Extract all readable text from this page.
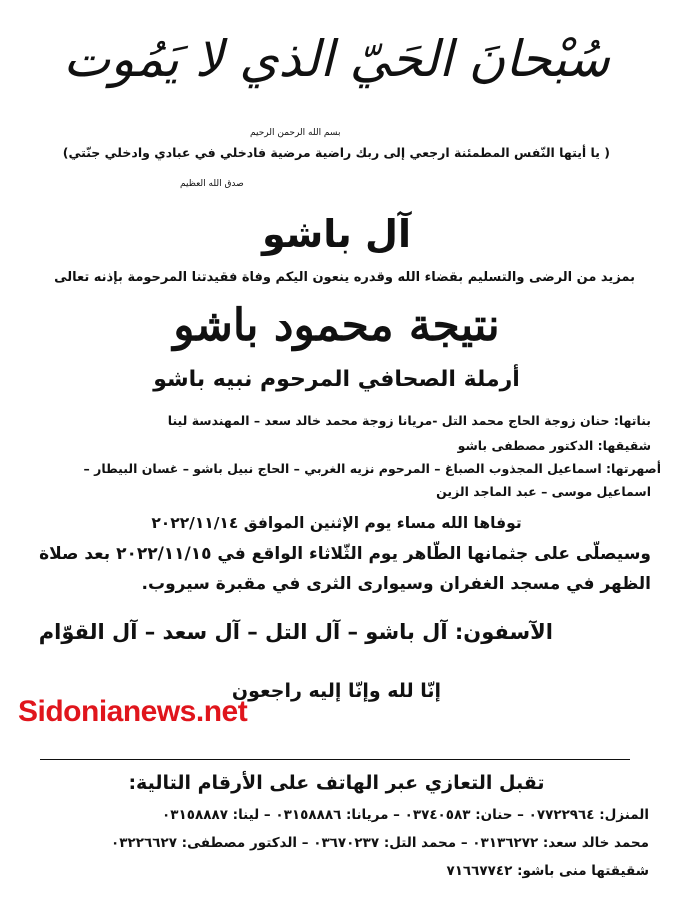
سُبْحانَ الحَيّ الذي لا يَمُوت
بسم الله الرحمن الرحيم
( يا أيتها النّفس المطمئنة ارجعي إلى ربك راضية مرضية فادخلي في عبادي وادخلي جنّتي)
صدق الله العظيم
آل باشو
بمزيد من الرضى والتسليم بقضاء الله وقدره ينعون اليكم وفاة فقيدتنا المرحومة بإذنه تعالى
نتيجة محمود باشو
أرملة الصحافي المرحوم نبيه باشو
بناتها: حنان زوجة الحاج محمد التل -مريانا زوجة محمد خالد سعد – المهندسة لينا
شقيقها: الدكتور مصطفى باشو
أصهرتها: اسماعيل المجذوب الصباغ – المرحوم نزيه الغربي – الحاج نبيل باشو – غسان البيطار –
اسماعيل موسى – عبد الماجد الزين
توفاها الله مساء يوم الإثنين الموافق ٢٠٢٢/١١/١٤
وسيصلّى على جثمانها الطّاهر يوم الثّلاثاء الواقع في ٢٠٢٢/١١/١٥ بعد صلاة
الظهر في مسجد الغفران وسيوارى الثرى في مقبرة سيروب.
الآسفون: آل باشو – آل التل – آل سعد – آل القوّام
إنّا لله وإنّا إليه راجعون
Sidonianews.net
تقبل التعازي عبر الهاتف على الأرقام التالية:
المنزل: ٠٧٧٢٢٩٦٤ – حنان: ٠٣٧٤٠٥٨٣ – مريانا: ٠٣١٥٨٨٨٦ – لينا: ٠٣١٥٨٨٨٧
محمد خالد سعد: ٠٣١٣٦٢٧٢ – محمد التل: ٠٣٦٧٠٢٣٧ – الدكتور مصطفى: ٠٣٢٢٦٦٢٧
شقيقتها منى باشو: ٧١٦٦٧٧٤٢
